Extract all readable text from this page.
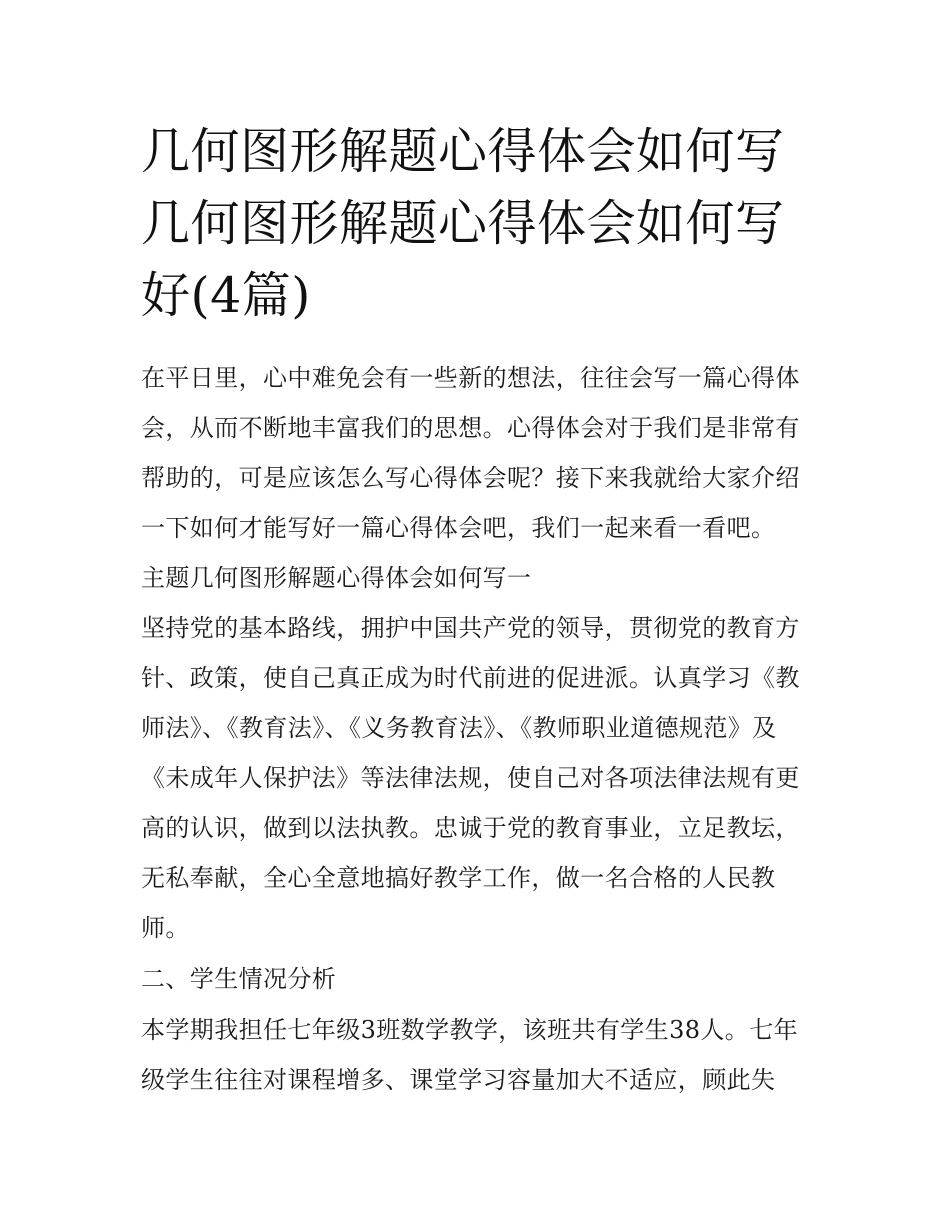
几何图形解题心得体会如何写 几何图形解题心得体会如何写好(4篇)

在平日里，心中难免会有一些新的想法，往往会写一篇心得体会，从而不断地丰富我们的思想。心得体会对于我们是非常有帮助的，可是应该怎么写心得体会呢？接下来我就给大家介绍一下如何才能写好一篇心得体会吧，我们一起来看一看吧。

主题几何图形解题心得体会如何写一

坚持党的基本路线，拥护中国共产党的领导，贯彻党的教育方针、政策，使自己真正成为时代前进的促进派。认真学习《教师法》、《教育法》、《义务教育法》、《教师职业道德规范》及《未成年人保护法》等法律法规，使自己对各项法律法规有更高的认识，做到以法执教。忠诚于党的教育事业，立足教坛，无私奉献，全心全意地搞好教学工作，做一名合格的人民教师。

二、学生情况分析

本学期我担任七年级3班数学教学，该班共有学生38人。七年级学生往往对课程增多、课堂学习容量加大不适应，顾此失
